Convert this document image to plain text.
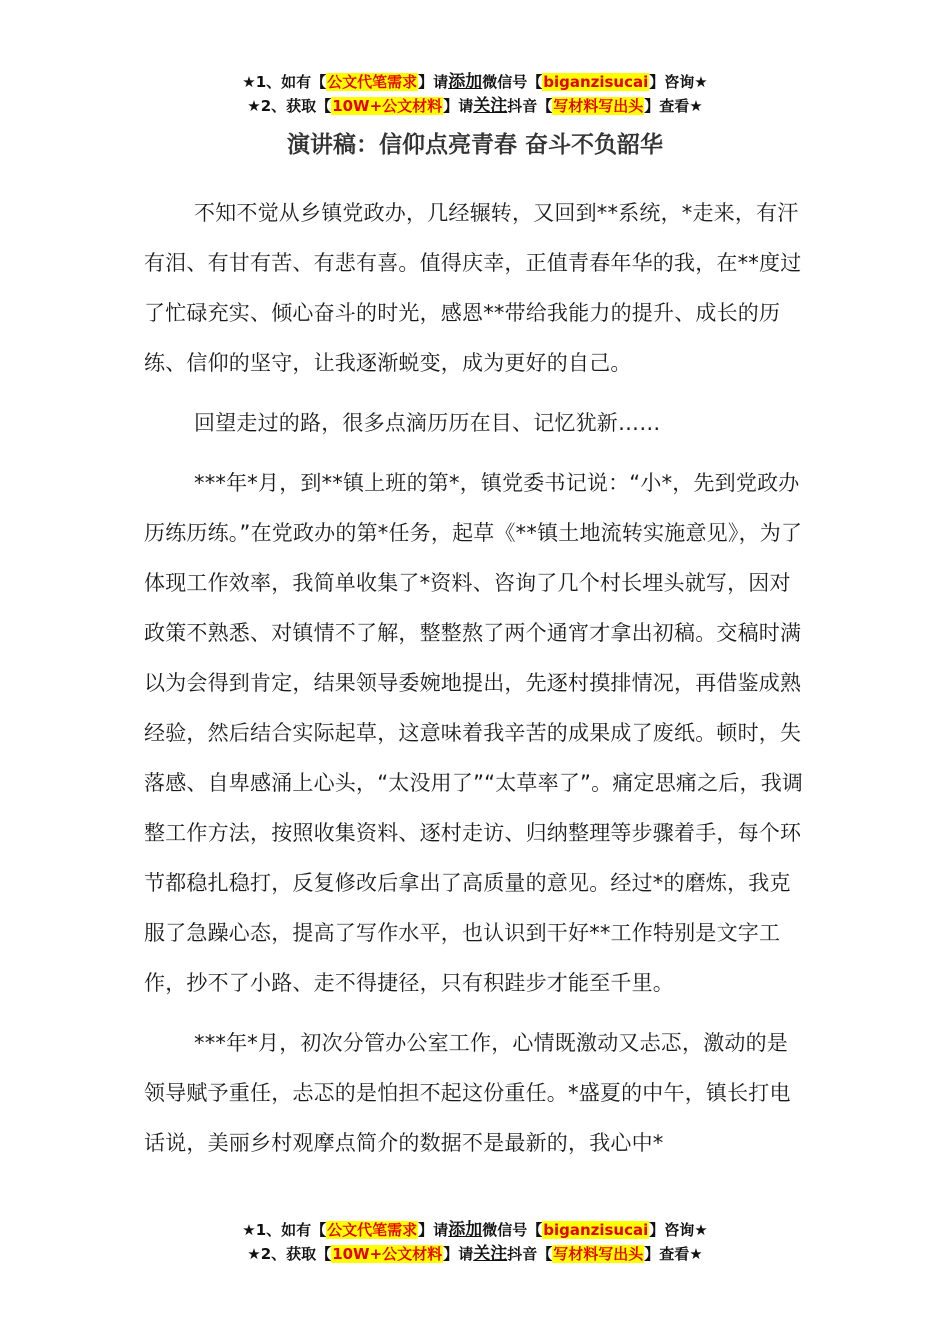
★1、如有【公文代笔需求】请添加微信号【biganzisucai】咨询★
★2、获取【10W+公文材料】请关注抖音【写材料写出头】查看★
演讲稿：信仰点亮青春 奋斗不负韶华

不知不觉从乡镇党政办，几经辗转，又回到**系统，*走来，有汗有泪、有甘有苦、有悲有喜。值得庆幸，正值青春年华的我，在**度过了忙碌充实、倾心奋斗的时光，感恩**带给我能力的提升、成长的历练、信仰的坚守，让我逐渐蜕变，成为更好的自己。

回望走过的路，很多点滴历历在目、记忆犹新……

***年*月，到**镇上班的第*，镇党委书记说：“小*，先到党政办历练历练。”在党政办的第*任务，起草《**镇土地流转实施意见》，为了体现工作效率，我简单收集了*资料、咨询了几个村长埋头就写，因对政策不熟悉、对镇情不了解，整整熬了两个通宵才拿出初稿。交稿时满以为会得到肯定，结果领导委婉地提出，先逐村摸排情况，再借鉴成熟经验，然后结合实际起草，这意味着我辛苦的成果成了废纸。顿时，失落感、自卑感涌上心头，“太没用了”“太草率了”。痛定思痛之后，我调整工作方法，按照收集资料、逐村走访、归纳整理等步骤着手，每个环节都稳扎稳打，反复修改后拿出了高质量的意见。经过*的磨炼，我克服了急躁心态，提高了写作水平，也认识到干好**工作特别是文字工作，抄不了小路、走不得捷径，只有积跬步才能至千里。

***年*月，初次分管办公室工作，心情既激动又忐忑，激动的是领导赋予重任，忐忑的是怕担不起这份重任。*盛夏的中午，镇长打电话说，美丽乡村观摩点简介的数据不是最新的，我心中*

★1、如有【公文代笔需求】请添加微信号【biganzisucai】咨询★
★2、获取【10W+公文材料】请关注抖音【写材料写出头】查看★
